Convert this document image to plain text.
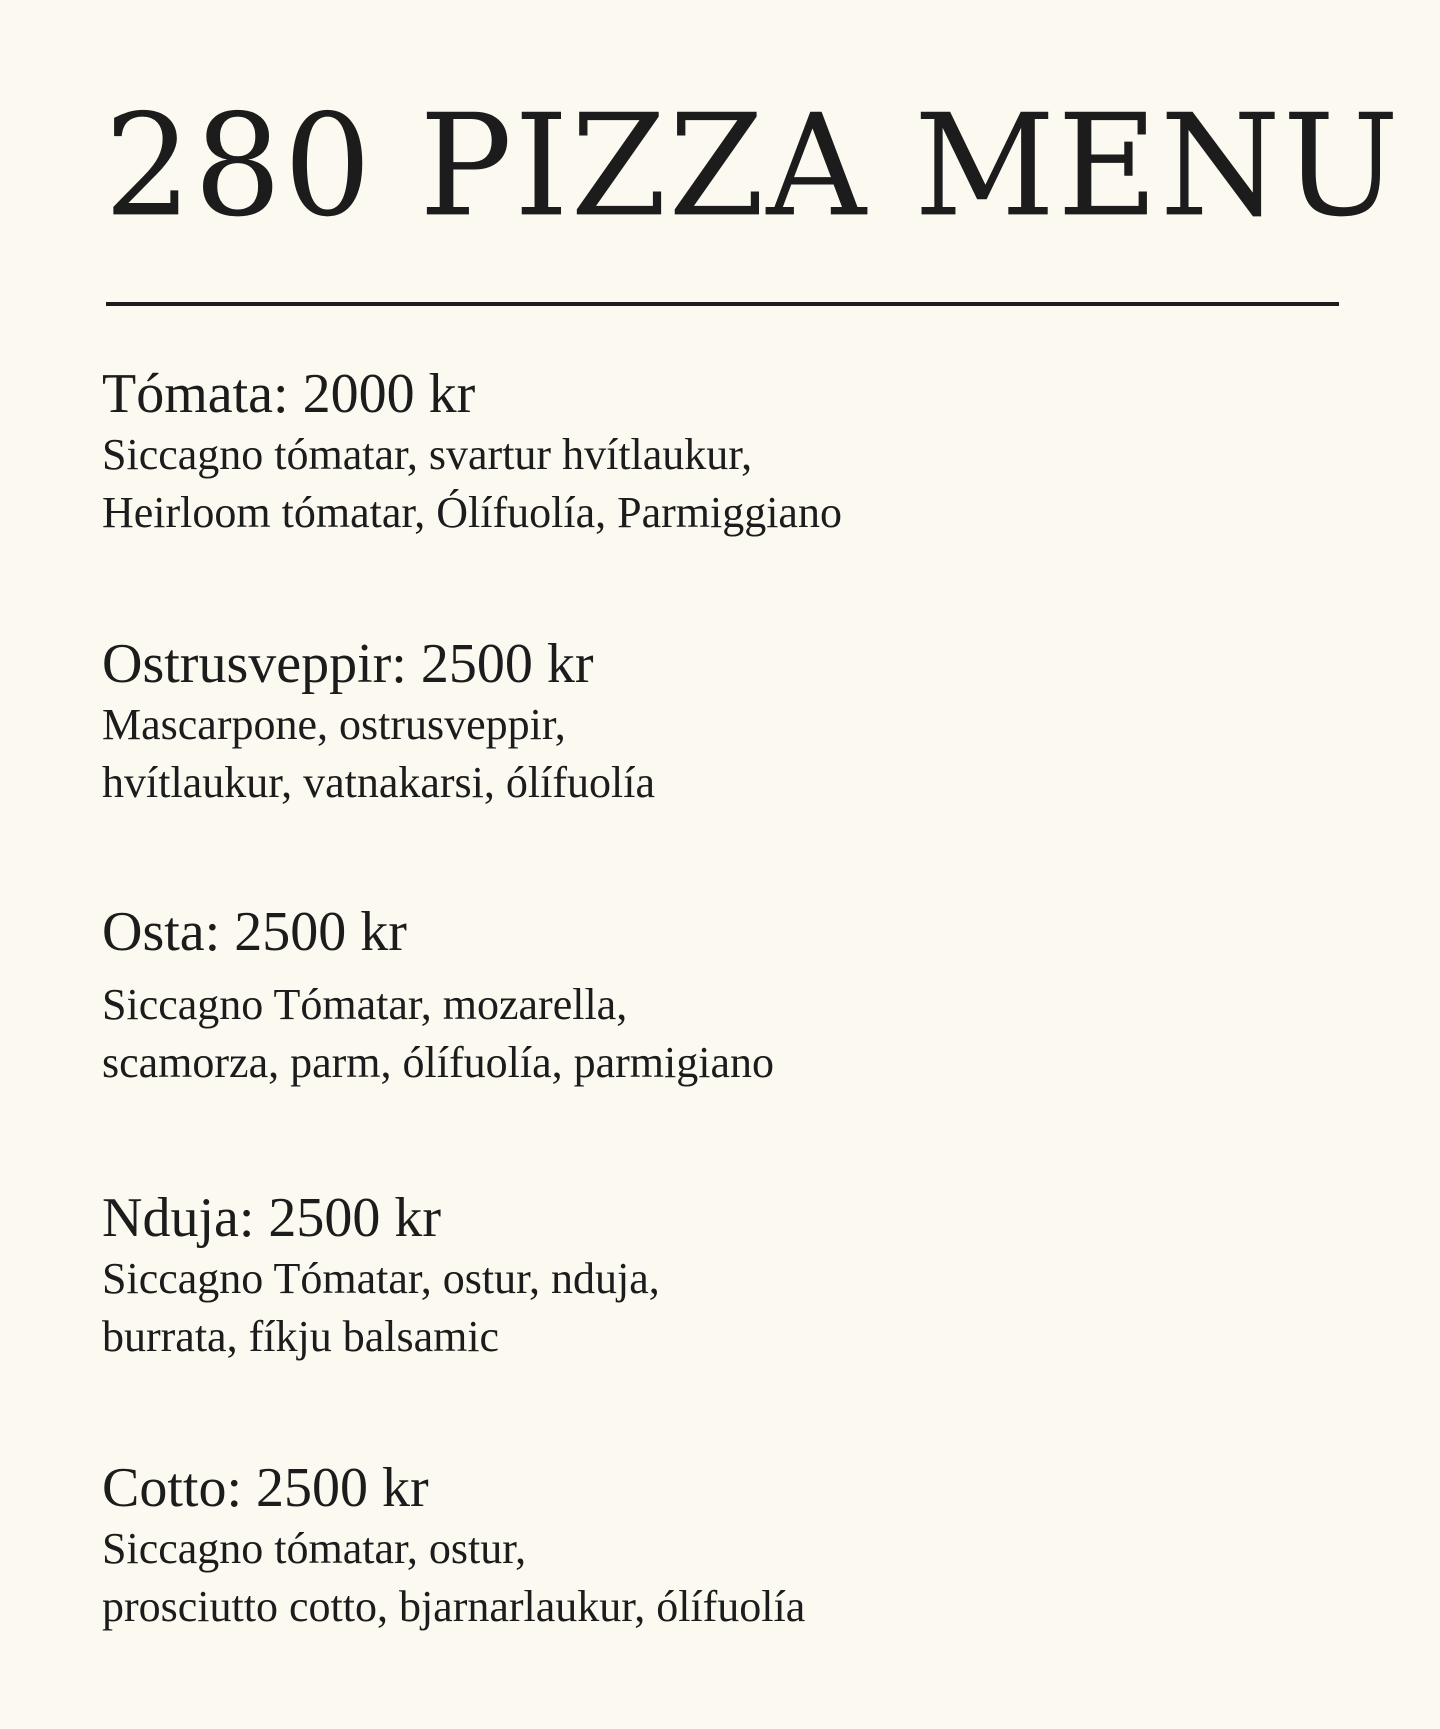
280 PIZZA MENU
Tómata: 2000 kr
Siccagno tómatar, svartur hvítlaukur,
Heirloom tómatar, Ólífuolía, Parmiggiano
Ostrusveppir: 2500 kr
Mascarpone, ostrusveppir,
hvítlaukur, vatnakarsi, ólífuolía
Osta: 2500 kr
Siccagno Tómatar, mozarella,
scamorza, parm, ólífuolía, parmigiano
Nduja: 2500 kr
Siccagno Tómatar, ostur, nduja,
burrata, fíkju balsamic
Cotto: 2500 kr
Siccagno tómatar, ostur,
prosciutto cotto, bjarnarlaukur, ólífuolía
